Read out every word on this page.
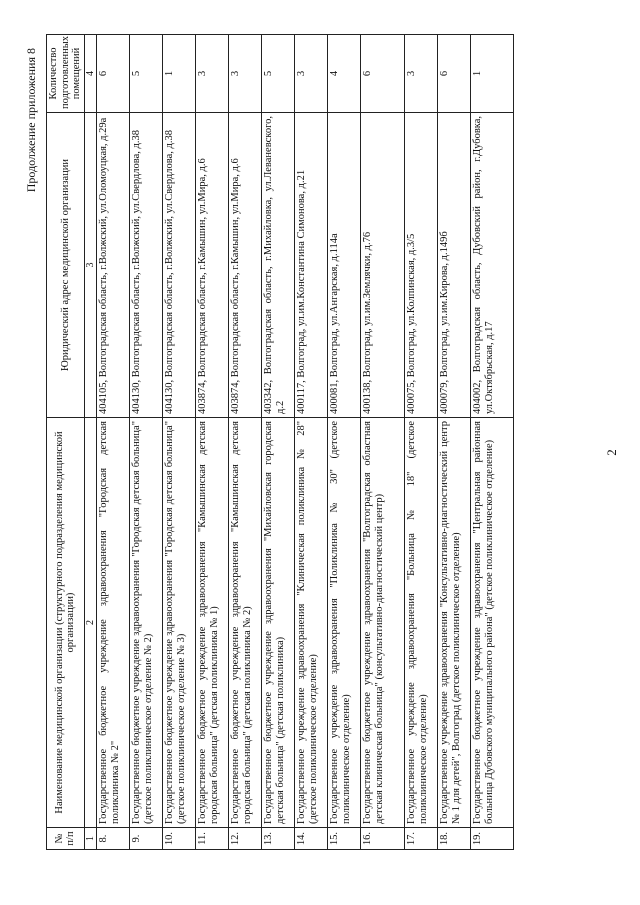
2
Продолжение приложения 8
№ п/п	Наименование медицинской организации (структурного подразделения медицинской организации)	Юридический адрес медицинской организации	Количество подготовленных помещений
1	2	3	4
8.	Государственное бюджетное учреждение здравоохранения "Городская детская поликлиника № 2"	404105, Волгоградская область, г.Волжский, ул.Оломоуцкая, д.29а	6
9.	Государственное бюджетное учреждение здравоохранения "Городская детская больница" (детское поликлиническое отделение № 2)	404130, Волгоградская область, г.Волжский, ул.Свердлова, д.38	5
10.	Государственное бюджетное учреждение здравоохранения "Городская детская больница" (детское поликлиническое отделение № 3)	404130, Волгоградская область, г.Волжский, ул.Свердлова, д.38	1
11.	Государственное бюджетное учреждение здравоохранения "Камышинская детская городская больница" (детская поликлиника № 1)	403874, Волгоградская область, г.Камышин, ул.Мира, д.6	3
12.	Государственное бюджетное учреждение здравоохранения "Камышинская детская городская больница" (детская поликлиника № 2)	403874, Волгоградская область, г.Камышин, ул.Мира, д.6	3
13.	Государственное бюджетное учреждение здравоохранения "Михайловская городская детская больница" (детская поликлиника)	403342, Волгоградская область, г.Михайловка, ул.Леваневского, д.2	5
14.	Государственное учреждение здравоохранения "Клиническая поликлиника № 28" (детское поликлиническое отделение)	400117, Волгоград, ул.им.Константина Симонова, д.21	3
15.	Государственное учреждение здравоохранения "Поликлиника № 30" (детское поликлиническое отделение)	400081, Волгоград, ул.Ангарская, д.114а	4
16.	Государственное бюджетное учреждение здравоохранения "Волгоградская областная детская клиническая больница" (консультативно-диагностический центр)	400138, Волгоград, ул.им.Землячки, д.76	6
17.	Государственное учреждение здравоохранения "Больница № 18" (детское поликлиническое отделение)	400075, Волгоград, ул.Колпинская, д.3/5	3
18.	Государственное учреждение здравоохранения "Консультативно-диагностический центр № 1 для детей", Волгоград (детское поликлиническое отделение)	400079, Волгоград, ул.им.Кирова, д.149б	6
19.	Государственное бюджетное учреждение здравоохранения "Центральная районная больница Дубовского муниципального района" (детское поликлиническое отделение)	404002, Волгоградская область, Дубовский район, г.Дубовка, ул.Октябрьская, д.17	1
